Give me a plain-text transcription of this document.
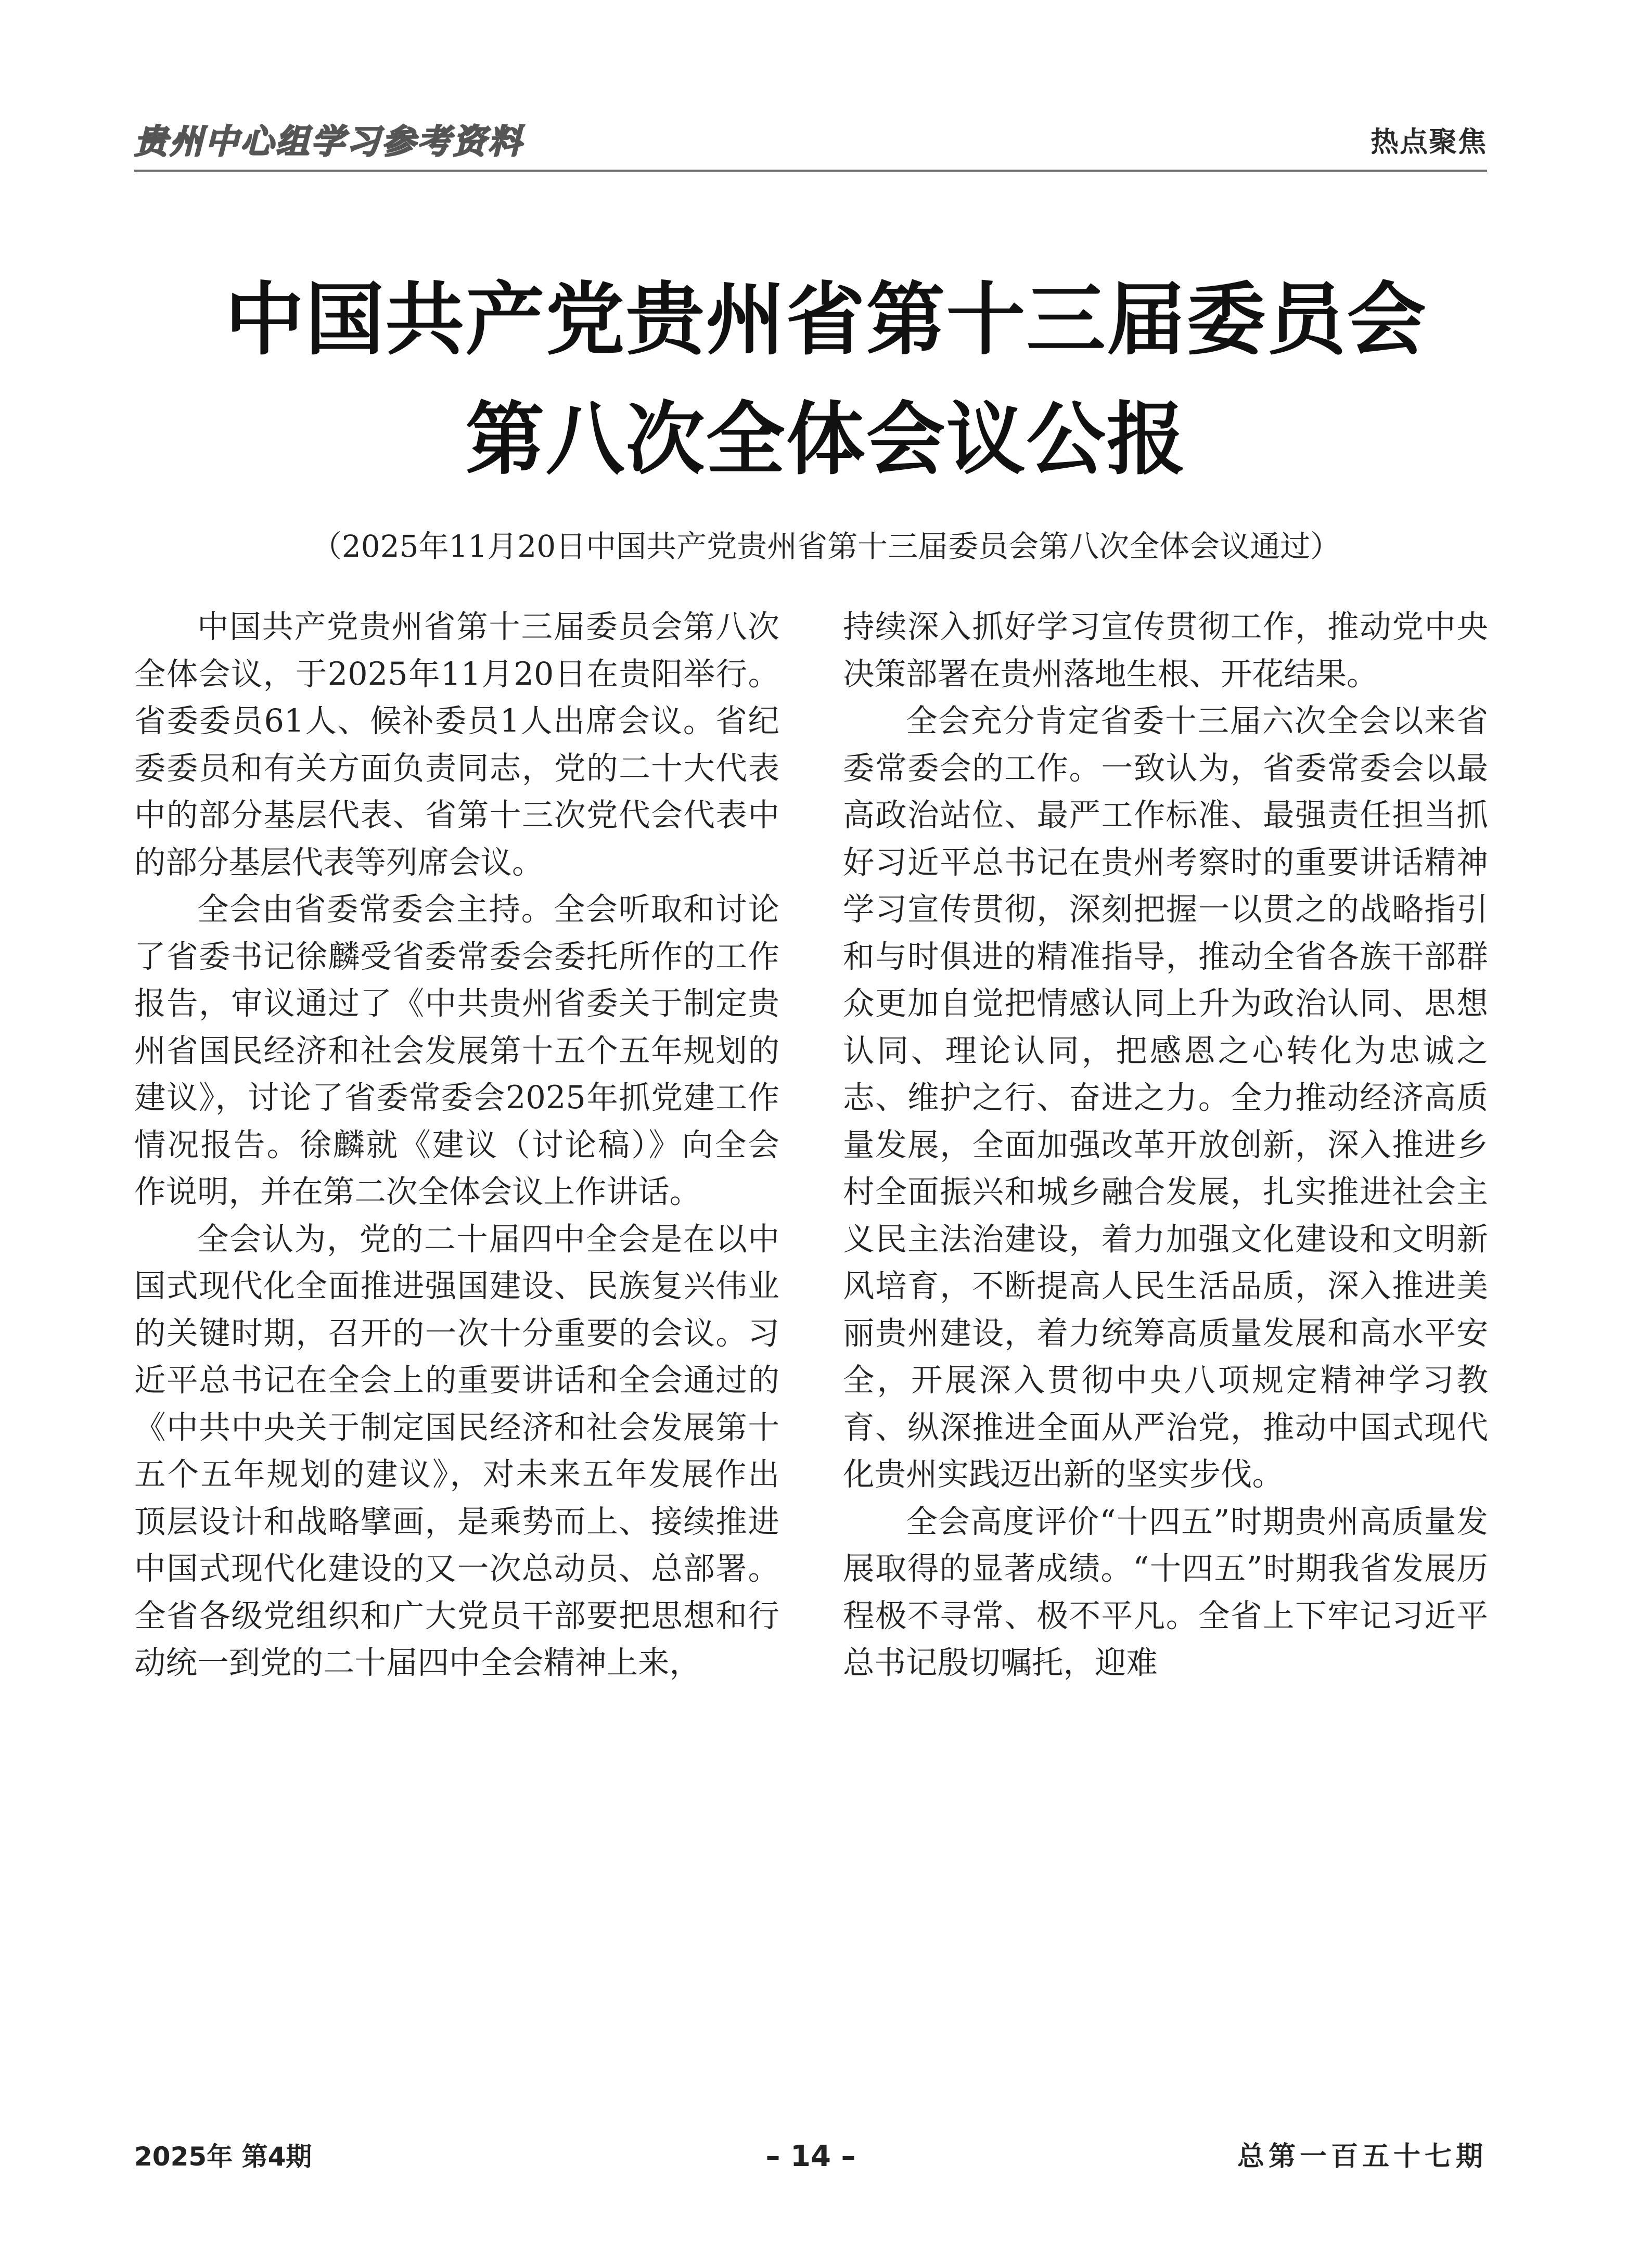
贵州中心组学习参考资料	热点聚焦
中国共产党贵州省第十三届委员会
第八次全体会议公报
（2025年11月20日中国共产党贵州省第十三届委员会第八次全体会议通过）

中国共产党贵州省第十三届委员会第八次全体会议，于2025年11月20日在贵阳举行。省委委员61人、候补委员1人出席会议。省纪委委员和有关方面负责同志，党的二十大代表中的部分基层代表、省第十三次党代会代表中的部分基层代表等列席会议。

全会由省委常委会主持。全会听取和讨论了省委书记徐麟受省委常委会委托所作的工作报告，审议通过了《中共贵州省委关于制定贵州省国民经济和社会发展第十五个五年规划的建议》，讨论了省委常委会2025年抓党建工作情况报告。徐麟就《建议（讨论稿）》向全会作说明，并在第二次全体会议上作讲话。

全会认为，党的二十届四中全会是在以中国式现代化全面推进强国建设、民族复兴伟业的关键时期，召开的一次十分重要的会议。习近平总书记在全会上的重要讲话和全会通过的《中共中央关于制定国民经济和社会发展第十五个五年规划的建议》，对未来五年发展作出顶层设计和战略擘画，是乘势而上、接续推进中国式现代化建设的又一次总动员、总部署。全省各级党组织和广大党员干部要把思想和行动统一到党的二十届四中全会精神上来，

持续深入抓好学习宣传贯彻工作，推动党中央决策部署在贵州落地生根、开花结果。

全会充分肯定省委十三届六次全会以来省委常委会的工作。一致认为，省委常委会以最高政治站位、最严工作标准、最强责任担当抓好习近平总书记在贵州考察时的重要讲话精神学习宣传贯彻，深刻把握一以贯之的战略指引和与时俱进的精准指导，推动全省各族干部群众更加自觉把情感认同上升为政治认同、思想认同、理论认同，把感恩之心转化为忠诚之志、维护之行、奋进之力。全力推动经济高质量发展，全面加强改革开放创新，深入推进乡村全面振兴和城乡融合发展，扎实推进社会主义民主法治建设，着力加强文化建设和文明新风培育，不断提高人民生活品质，深入推进美丽贵州建设，着力统筹高质量发展和高水平安全，开展深入贯彻中央八项规定精神学习教育、纵深推进全面从严治党，推动中国式现代化贵州实践迈出新的坚实步伐。

全会高度评价“十四五”时期贵州高质量发展取得的显著成绩。“十四五”时期我省发展历程极不寻常、极不平凡。全省上下牢记习近平总书记殷切嘱托，迎难

2025年 第4期	– 14 –	总第一百五十七期
